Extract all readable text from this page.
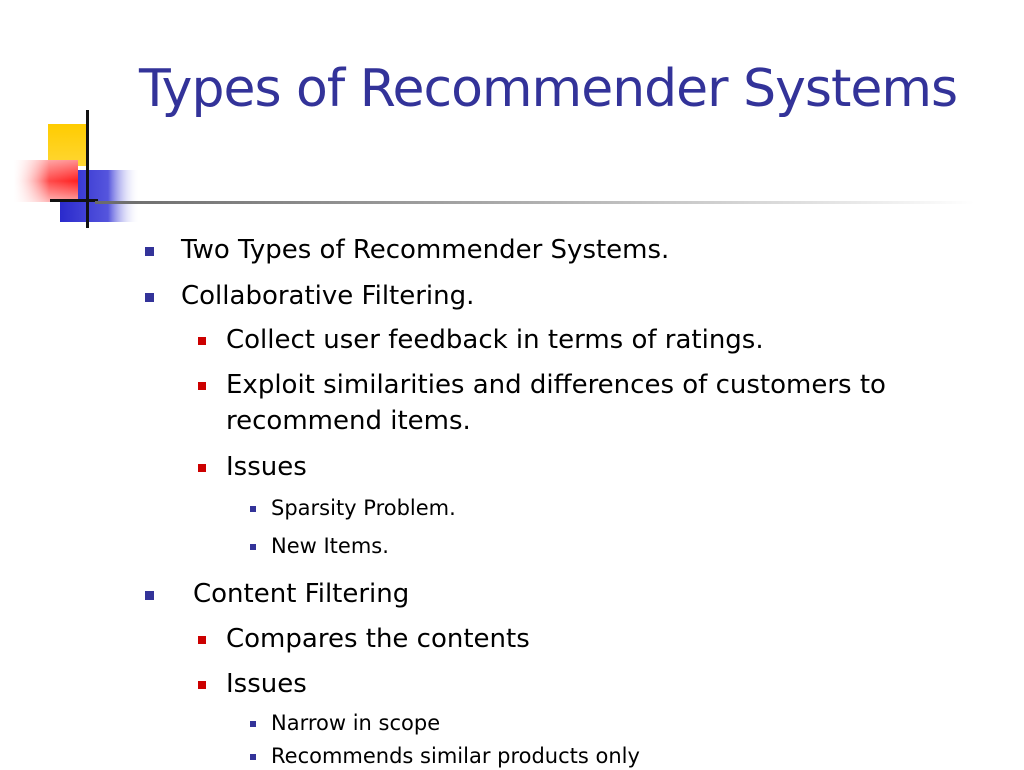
Types of Recommender Systems
Two Types of Recommender Systems.
Collaborative Filtering.
Collect user feedback in terms of ratings.
Exploit similarities and differences of customers to recommend items.
Issues
Sparsity Problem.
New Items.
Content Filtering
Compares the contents
Issues
Narrow in scope
Recommends similar products only
